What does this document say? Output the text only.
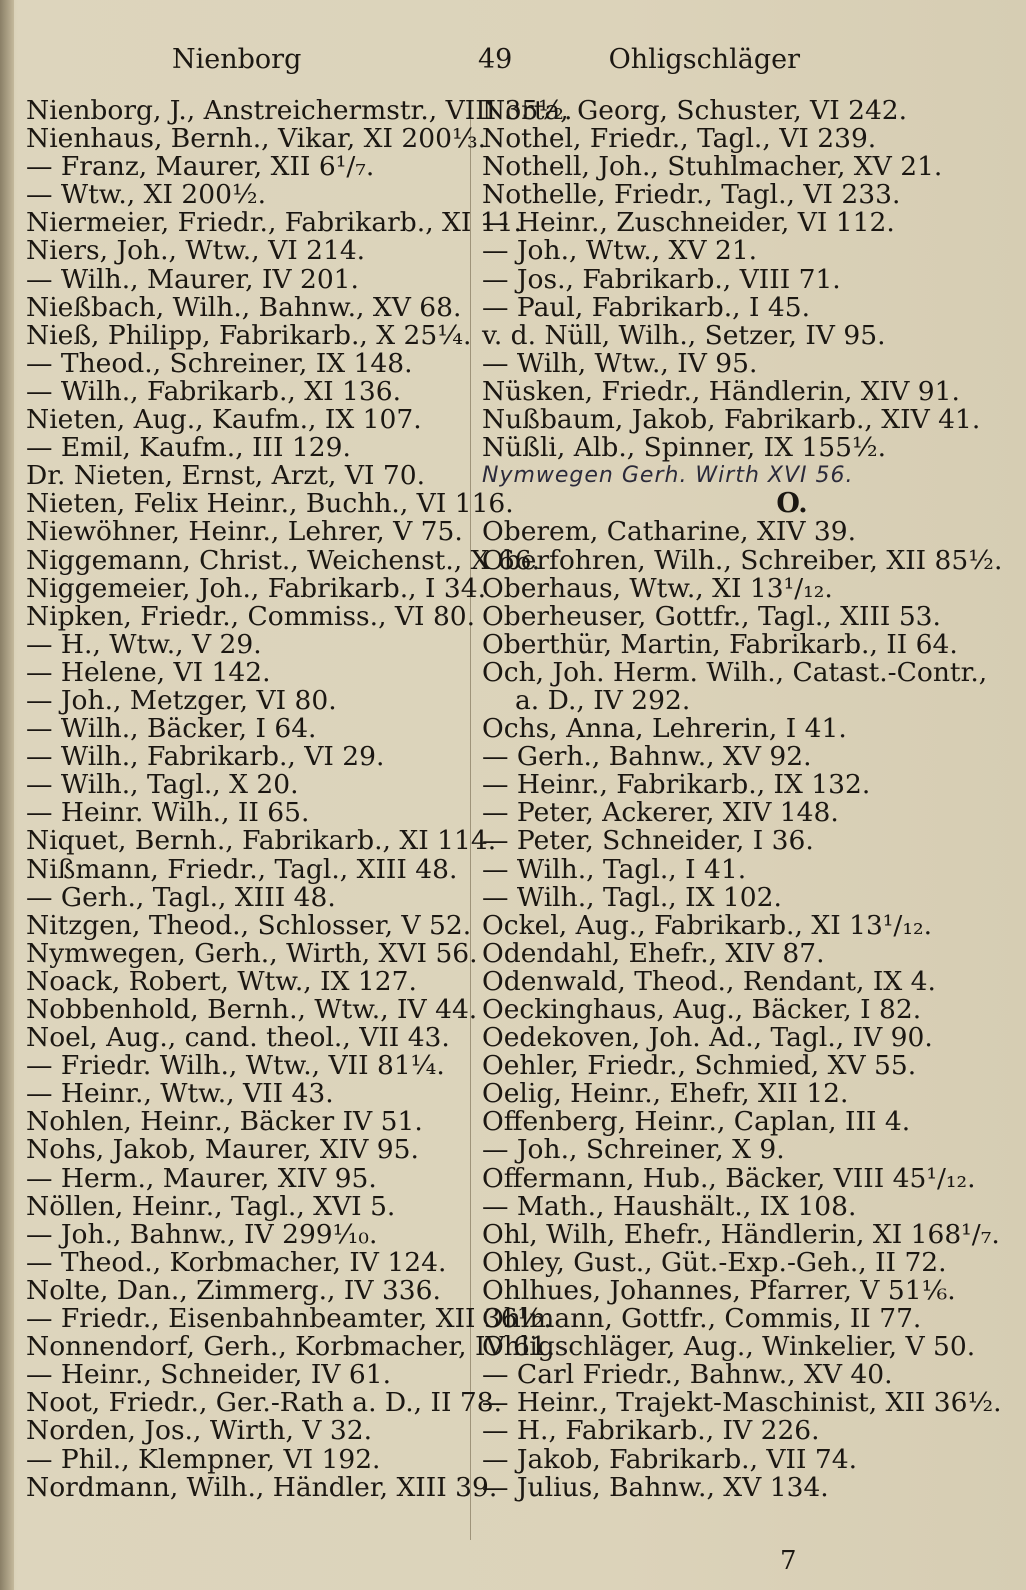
Nienborg	49	Ohligschläger
Nienborg, J., Anstreichermstr., VIII 35½.
Nienhaus, Bernh., Vikar, XI 200⅓.
— Franz, Maurer, XII 6¹/₇.
— Wtw., XI 200½.
Niermeier, Friedr., Fabrikarb., XI 11.
Niers, Joh., Wtw., VI 214.
— Wilh., Maurer, IV 201.
Nießbach, Wilh., Bahnw., XV 68.
Nieß, Philipp, Fabrikarb., X 25¼.
— Theod., Schreiner, IX 148.
— Wilh., Fabrikarb., XI 136.
Nieten, Aug., Kaufm., IX 107.
— Emil, Kaufm., III 129.
Dr. Nieten, Ernst, Arzt, VI 70.
Nieten, Felix Heinr., Buchh., VI 116.
Niewöhner, Heinr., Lehrer, V 75.
Niggemann, Christ., Weichenst., X 66.
Niggemeier, Joh., Fabrikarb., I 34.
Nipken, Friedr., Commiss., VI 80.
— H., Wtw., V 29.
— Helene, VI 142.
— Joh., Metzger, VI 80.
— Wilh., Bäcker, I 64.
— Wilh., Fabrikarb., VI 29.
— Wilh., Tagl., X 20.
— Heinr. Wilh., II 65.
Niquet, Bernh., Fabrikarb., XI 114.
Nißmann, Friedr., Tagl., XIII 48.
— Gerh., Tagl., XIII 48.
Nitzgen, Theod., Schlosser, V 52.
Nymwegen, Gerh., Wirth, XVI 56.
Noack, Robert, Wtw., IX 127.
Nobbenhold, Bernh., Wtw., IV 44.
Noel, Aug., cand. theol., VII 43.
— Friedr. Wilh., Wtw., VII 81¼.
— Heinr., Wtw., VII 43.
Nohlen, Heinr., Bäcker IV 51.
Nohs, Jakob, Maurer, XIV 95.
— Herm., Maurer, XIV 95.
Nöllen, Heinr., Tagl., XVI 5.
— Joh., Bahnw., IV 299⅒.
— Theod., Korbmacher, IV 124.
Nolte, Dan., Zimmerg., IV 336.
— Friedr., Eisenbahnbeamter, XII 36½.
Nonnendorf, Gerh., Korbmacher, IV 61.
— Heinr., Schneider, IV 61.
Noot, Friedr., Ger.-Rath a. D., II 78.
Norden, Jos., Wirth, V 32.
— Phil., Klempner, VI 192.
Nordmann, Wilh., Händler, XIII 39.
Norta, Georg, Schuster, VI 242.
Nothel, Friedr., Tagl., VI 239.
Nothell, Joh., Stuhlmacher, XV 21.
Nothelle, Friedr., Tagl., VI 233.
— Heinr., Zuschneider, VI 112.
— Joh., Wtw., XV 21.
— Jos., Fabrikarb., VIII 71.
— Paul, Fabrikarb., I 45.
v. d. Nüll, Wilh., Setzer, IV 95.
— Wilh, Wtw., IV 95.
Nüsken, Friedr., Händlerin, XIV 91.
Nußbaum, Jakob, Fabrikarb., XIV 41.
Nüßli, Alb., Spinner, IX 155½.
Nymwegen Gerh. Wirth XVI 56.
O.
Oberem, Catharine, XIV 39.
Oberfohren, Wilh., Schreiber, XII 85½.
Oberhaus, Wtw., XI 13¹/₁₂.
Oberheuser, Gottfr., Tagl., XIII 53.
Oberthür, Martin, Fabrikarb., II 64.
Och, Joh. Herm. Wilh., Catast.-Contr.,
a. D., IV 292.
Ochs, Anna, Lehrerin, I 41.
— Gerh., Bahnw., XV 92.
— Heinr., Fabrikarb., IX 132.
— Peter, Ackerer, XIV 148.
— Peter, Schneider, I 36.
— Wilh., Tagl., I 41.
— Wilh., Tagl., IX 102.
Ockel, Aug., Fabrikarb., XI 13¹/₁₂.
Odendahl, Ehefr., XIV 87.
Odenwald, Theod., Rendant, IX 4.
Oeckinghaus, Aug., Bäcker, I 82.
Oedekoven, Joh. Ad., Tagl., IV 90.
Oehler, Friedr., Schmied, XV 55.
Oelig, Heinr., Ehefr, XII 12.
Offenberg, Heinr., Caplan, III 4.
— Joh., Schreiner, X 9.
Offermann, Hub., Bäcker, VIII 45¹/₁₂.
— Math., Haushält., IX 108.
Ohl, Wilh, Ehefr., Händlerin, XI 168¹/₇.
Ohley, Gust., Güt.-Exp.-Geh., II 72.
Ohlhues, Johannes, Pfarrer, V 51⅙.
Ohlmann, Gottfr., Commis, II 77.
Ohligschläger, Aug., Winkelier, V 50.
— Carl Friedr., Bahnw., XV 40.
— Heinr., Trajekt-Maschinist, XII 36½.
— H., Fabrikarb., IV 226.
— Jakob, Fabrikarb., VII 74.
— Julius, Bahnw., XV 134.
7
